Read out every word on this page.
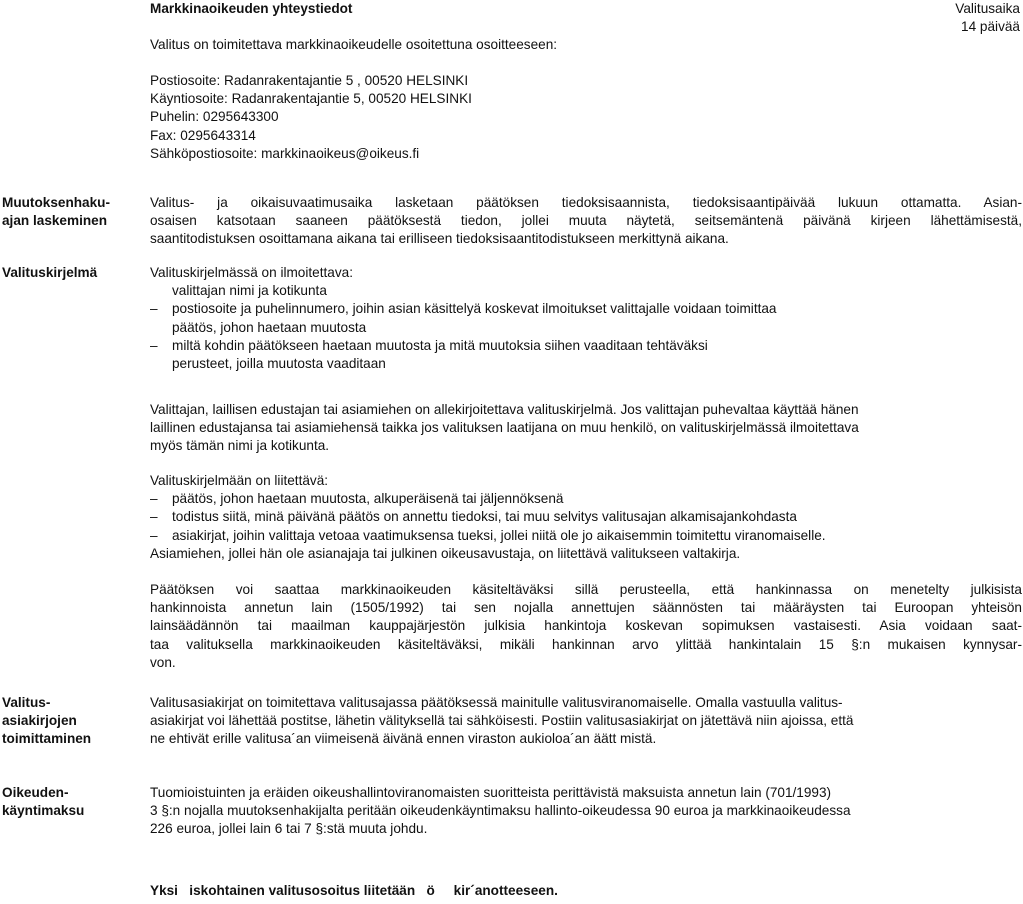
Markkinaoikeuden yhteystiedot
Valitus on toimitettava markkinaoikeudelle osoitettuna osoitteeseen:
Valitusaika
14 päivää
Postiosoite: Radanrakentajantie 5 , 00520 HELSINKI
Käyntiosoite: Radanrakentajantie 5, 00520 HELSINKI
Puhelin: 0295643300
Fax: 0295643314
Sähköpostiosoite: markkinaoikeus@oikeus.fi
Muutoksenhaku-
ajan laskeminen
Valitus- ja oikaisuvaatimusaika lasketaan päätöksen tiedoksisaannista, tiedoksisaantipäivää lukuun ottamatta. Asian-
osaisen katsotaan saaneen päätöksestä tiedon, jollei muuta näytetä, seitsemäntenä päivänä kirjeen lähettämisestä,
saantitodistuksen osoittamana aikana tai erilliseen tiedoksisaantitodistukseen merkittynä aikana.
Valituskirjelmä	Valituskirjelmässä on ilmoitettava:
valittajan nimi ja kotikunta
–	postiosoite ja puhelinnumero, joihin asian käsittelyä koskevat ilmoitukset valittajalle voidaan toimittaa
päätös, johon haetaan muutosta
–	miltä kohdin päätökseen haetaan muutosta ja mitä muutoksia siihen vaaditaan tehtäväksi
perusteet, joilla muutosta vaaditaan
Valittajan, laillisen edustajan tai asiamiehen on allekirjoitettava valituskirjelmä. Jos valittajan puhevaltaa käyttää hänen
laillinen edustajansa tai asiamiehensä taikka jos valituksen laatijana on muu henkilö, on valituskirjelmässä ilmoitettava
myös tämän nimi ja kotikunta.
Valituskirjelmään on liitettävä:
–	päätös, johon haetaan muutosta, alkuperäisenä tai jäljennöksenä
–	todistus siitä, minä päivänä päätös on annettu tiedoksi, tai muu selvitys valitusajan alkamisajankohdasta
–	asiakirjat, joihin valittaja vetoaa vaatimuksensa tueksi, jollei niitä ole jo aikaisemmin toimitettu viranomaiselle.
Asiamiehen, jollei hän ole asianajaja tai julkinen oikeusavustaja, on liitettävä valitukseen valtakirja.
Päätöksen voi saattaa markkinaoikeuden käsiteltäväksi sillä perusteella, että hankinnassa on menetelty julkisista
hankinnoista annetun lain (1505/1992) tai sen nojalla annettujen säännösten tai määräysten tai Euroopan yhteisön
lainsäädännön tai maailman kauppajärjestön julkisia hankintoja koskevan sopimuksen vastaisesti. Asia voidaan saat-
taa valituksella markkinaoikeuden käsiteltäväksi, mikäli hankinnan arvo ylittää hankintalain 15 §:n mukaisen kynnysar-
von.
Valitus-
asiakirjojen
toimittaminen
Valitusasiakirjat on toimitettava valitusajassa päätöksessä mainitulle valitusviranomaiselle. Omalla vastuulla valitus-
asiakirjat voi lähettää postitse, lähetin välityksellä tai sähköisesti. Postiin valitusasiakirjat on jätettävä niin ajoissa, että
ne ehtivät erille valitusa´an viimeisenä äivänä ennen viraston aukioloa´an äätt mistä.
Oikeuden-
käyntimaksu
Tuomioistuinten ja eräiden oikeushallintoviranomaisten suoritteista perittävistä maksuista annetun lain (701/1993)
3 §:n nojalla muutoksenhakijalta peritään oikeudenkäyntimaksu hallinto-oikeudessa 90 euroa ja markkinaoikeudessa
226 euroa, jollei lain 6 tai 7 §:stä muuta johdu.
Yksi   iskohtainen valitusosoitus liitetään   ö     kir´anotteeseen.
